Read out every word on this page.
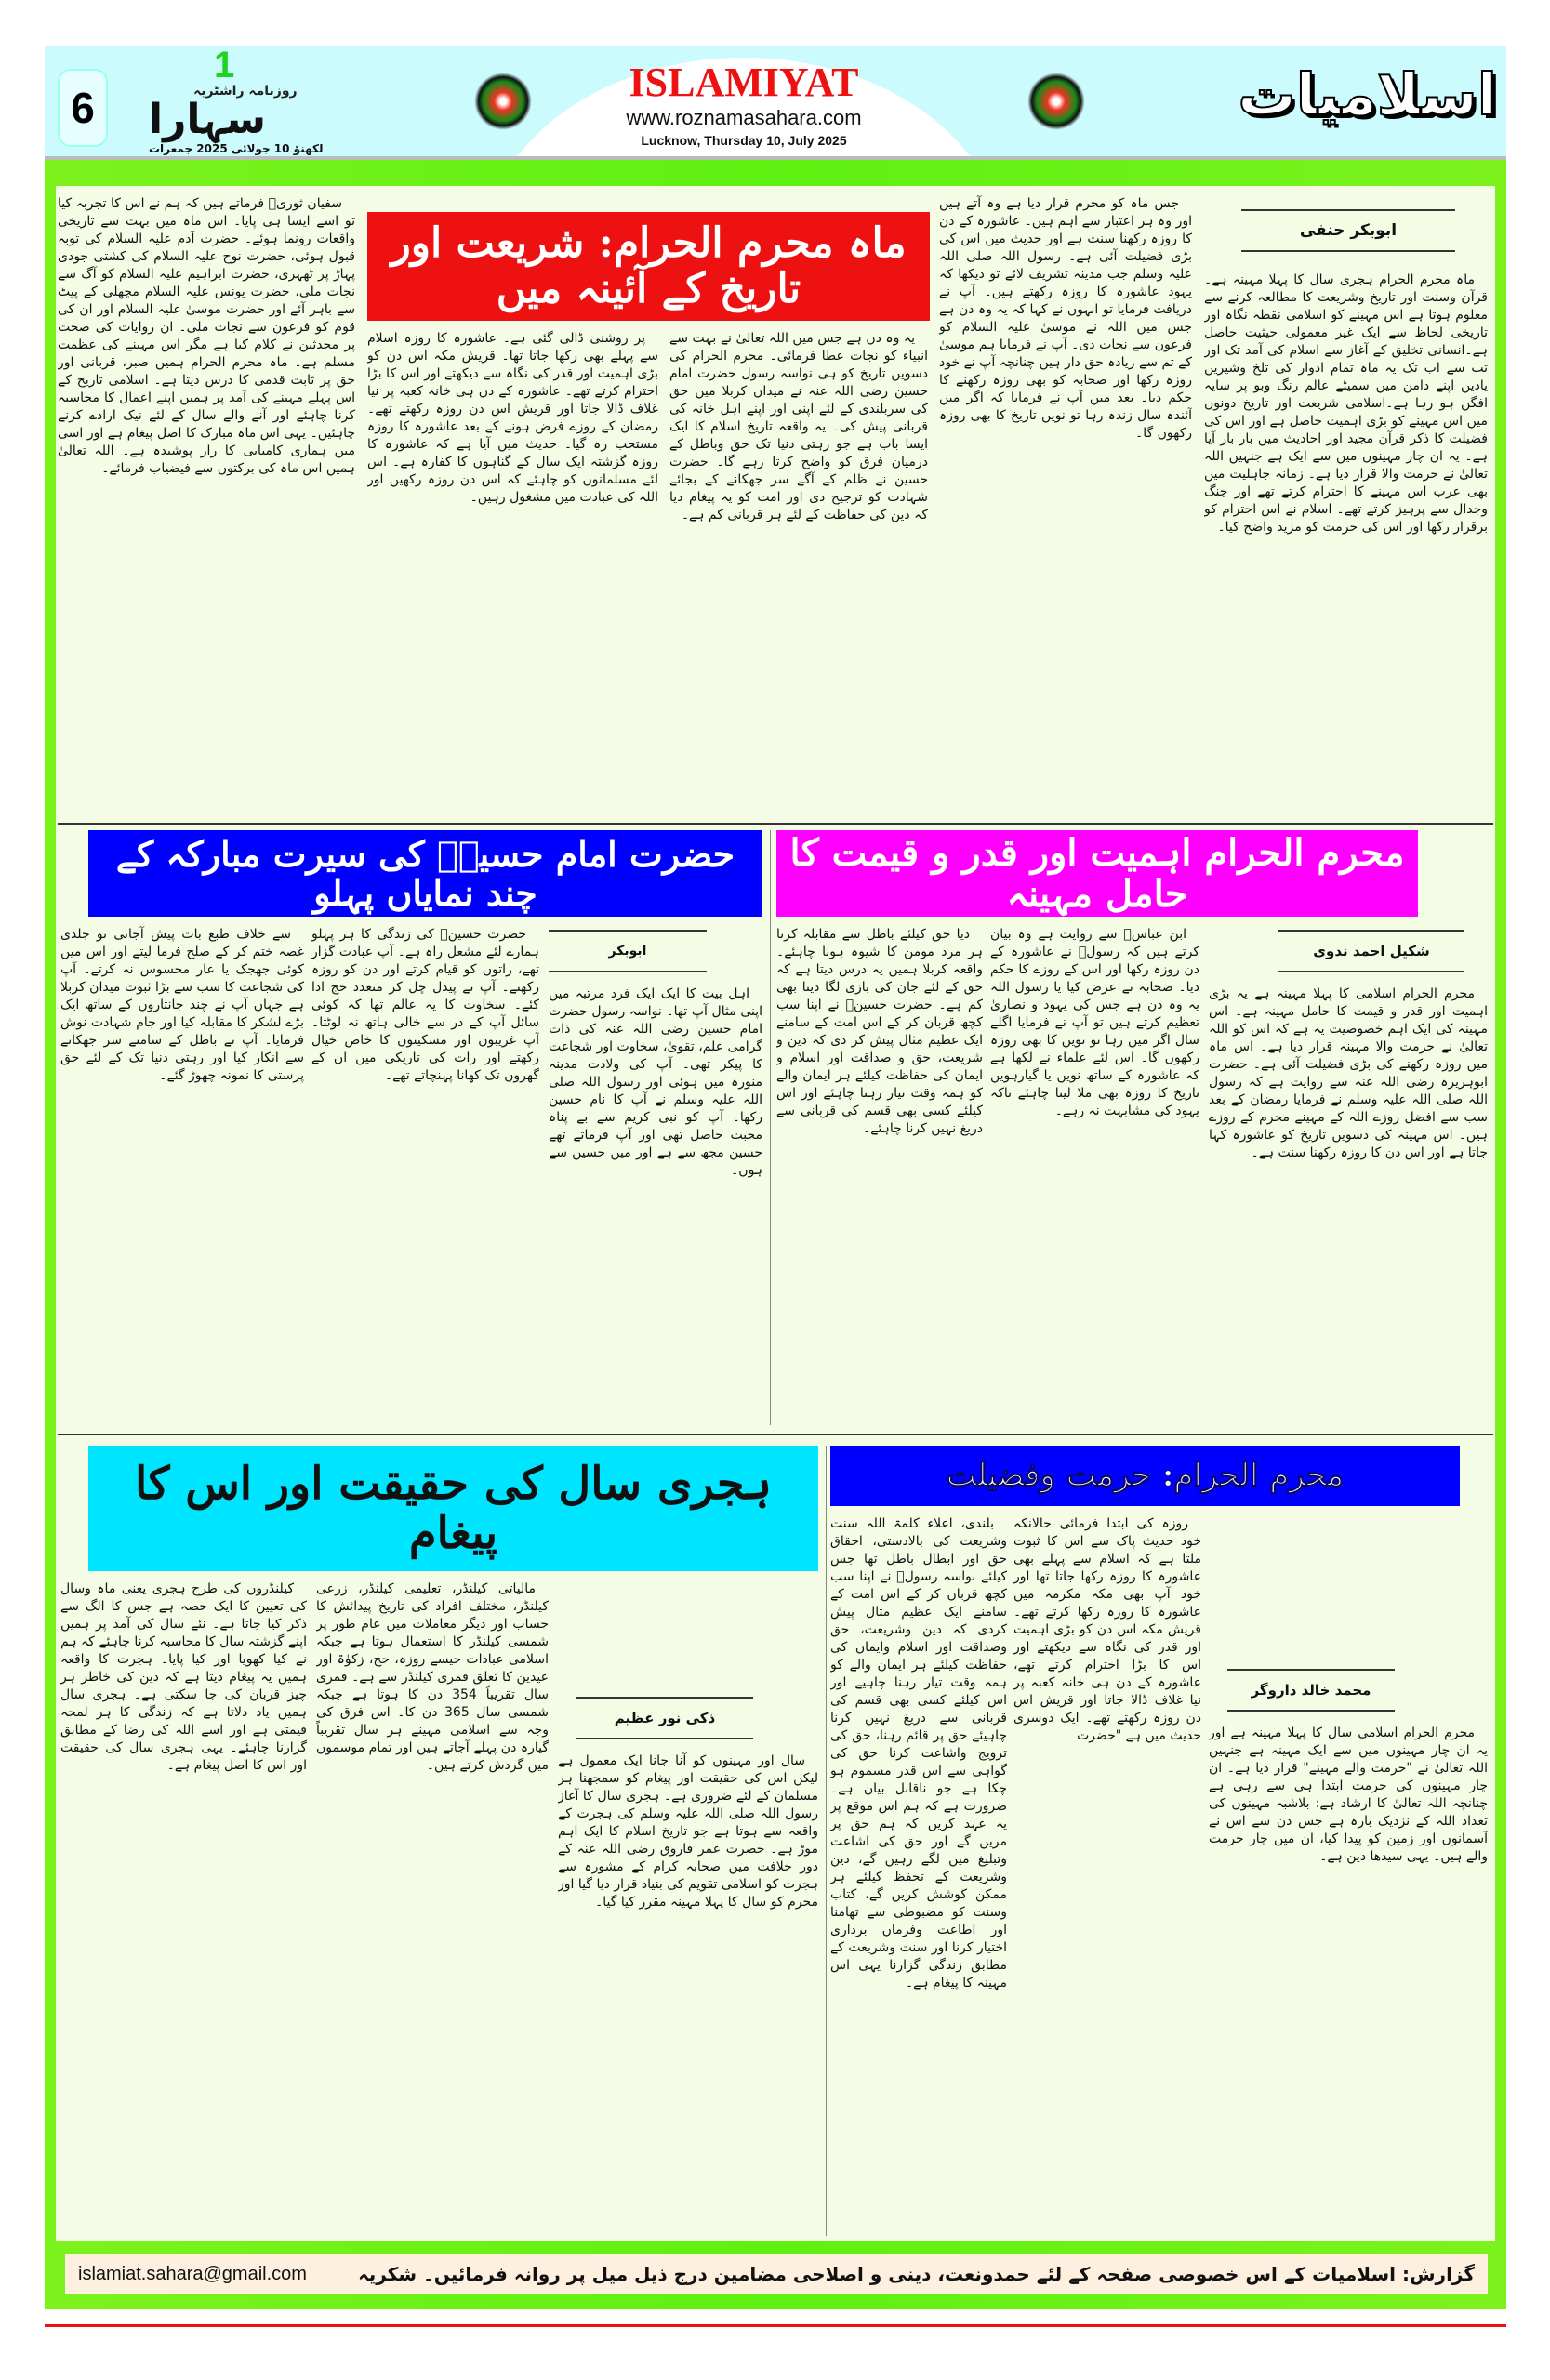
6
1
روزنامہ راشٹریہ
سہارا
لکھنؤ 10 جولائی 2025 جمعرات
ISLAMIYAT
www.roznamasahara.com
Lucknow, Thursday 10, July 2025
اسلامیات
ماہ محرم الحرام: شریعت اور تاریخ کے آئینہ میں
ابوبکر حنفی

ماہ محرم الحرام ہجری سال کا پہلا مہینہ ہے۔قرآن وسنت اور تاریخ وشریعت کا مطالعہ کرنے سے معلوم ہوتا ہے اس مہینے کو اسلامی نقطہ نگاہ اور تاریخی لحاظ سے ایک غیر معمولی حیثیت حاصل ہے۔انسانی تخلیق کے آغاز سے اسلام کی آمد تک اور تب سے اب تک یہ ماہ تمام ادوار کی تلخ وشیریں یادیں اپنے دامن میں سمیٹے عالم رنگ وبو پر سایہ افگن ہو رہا ہے۔اسلامی شریعت اور تاریخ دونوں میں اس مہینے کو بڑی اہمیت حاصل ہے اور اس کی فضیلت کا ذکر قرآن مجید اور احادیث میں بار بار آیا ہے۔ یہ ان چار مہینوں میں سے ایک ہے جنہیں اللہ تعالیٰ نے حرمت والا قرار دیا ہے۔ زمانہ جاہلیت میں بھی عرب اس مہینے کا احترام کرتے تھے اور جنگ وجدال سے پرہیز کرتے تھے۔ اسلام نے اس احترام کو برقرار رکھا اور اس کی حرمت کو مزید واضح کیا۔

جس ماہ کو محرم قرار دیا ہے وہ آتے ہیں اور وہ ہر اعتبار سے اہم ہیں۔ عاشورہ کے دن کا روزہ رکھنا سنت ہے اور حدیث میں اس کی بڑی فضیلت آئی ہے۔ رسول اللہ صلی اللہ علیہ وسلم جب مدینہ تشریف لائے تو دیکھا کہ یہود عاشورہ کا روزہ رکھتے ہیں۔ آپ نے دریافت فرمایا تو انہوں نے کہا کہ یہ وہ دن ہے جس میں اللہ نے موسیٰ علیہ السلام کو فرعون سے نجات دی۔ آپ نے فرمایا ہم موسیٰ کے تم سے زیادہ حق دار ہیں چنانچہ آپ نے خود روزہ رکھا اور صحابہ کو بھی روزہ رکھنے کا حکم دیا۔ بعد میں آپ نے فرمایا کہ اگر میں آئندہ سال زندہ رہا تو نویں تاریخ کا بھی روزہ رکھوں گا۔

یہ وہ دن ہے جس میں اللہ تعالیٰ نے بہت سے انبیاء کو نجات عطا فرمائی۔ محرم الحرام کی دسویں تاریخ کو ہی نواسہ رسول حضرت امام حسین رضی اللہ عنہ نے میدان کربلا میں حق کی سربلندی کے لئے اپنی اور اپنے اہل خانہ کی قربانی پیش کی۔ یہ واقعہ تاریخ اسلام کا ایک ایسا باب ہے جو رہتی دنیا تک حق وباطل کے درمیان فرق کو واضح کرتا رہے گا۔ حضرت حسین نے ظلم کے آگے سر جھکانے کے بجائے شہادت کو ترجیح دی اور امت کو یہ پیغام دیا کہ دین کی حفاظت کے لئے ہر قربانی کم ہے۔

پر روشنی ڈالی گئی ہے۔ عاشورہ کا روزہ اسلام سے پہلے بھی رکھا جاتا تھا۔ قریش مکہ اس دن کو بڑی اہمیت اور قدر کی نگاہ سے دیکھتے اور اس کا بڑا احترام کرتے تھے۔ عاشورہ کے دن ہی خانہ کعبہ پر نیا غلاف ڈالا جاتا اور قریش اس دن روزہ رکھتے تھے۔ رمضان کے روزے فرض ہونے کے بعد عاشورہ کا روزہ مستحب رہ گیا۔ حدیث میں آیا ہے کہ عاشورہ کا روزہ گزشتہ ایک سال کے گناہوں کا کفارہ ہے۔ اس لئے مسلمانوں کو چاہئے کہ اس دن روزہ رکھیں اور اللہ کی عبادت میں مشغول رہیں۔

سفیان ثوریؒ فرماتے ہیں کہ ہم نے اس کا تجربہ کیا تو اسے ایسا ہی پایا۔ اس ماہ میں بہت سے تاریخی واقعات رونما ہوئے۔ حضرت آدم علیہ السلام کی توبہ قبول ہوئی، حضرت نوح علیہ السلام کی کشتی جودی پہاڑ پر ٹھہری، حضرت ابراہیم علیہ السلام کو آگ سے نجات ملی، حضرت یونس علیہ السلام مچھلی کے پیٹ سے باہر آئے اور حضرت موسیٰ علیہ السلام اور ان کی قوم کو فرعون سے نجات ملی۔ ان روایات کی صحت پر محدثین نے کلام کیا ہے مگر اس مہینے کی عظمت مسلم ہے۔ ماہ محرم الحرام ہمیں صبر، قربانی اور حق پر ثابت قدمی کا درس دیتا ہے۔ اسلامی تاریخ کے اس پہلے مہینے کی آمد پر ہمیں اپنے اعمال کا محاسبہ کرنا چاہئے اور آنے والے سال کے لئے نیک ارادے کرنے چاہئیں۔ یہی اس ماہ مبارک کا اصل پیغام ہے اور اسی میں ہماری کامیابی کا راز پوشیدہ ہے۔ اللہ تعالیٰ ہمیں اس ماہ کی برکتوں سے فیضیاب فرمائے۔

محرم الحرام اہمیت اور قدر و قیمت کا حامل مہینہ
شکیل احمد ندوی

محرم الحرام اسلامی کا پہلا مہینہ ہے یہ بڑی اہمیت اور قدر و قیمت کا حامل مہینہ ہے۔ اس مہینہ کی ایک اہم خصوصیت یہ ہے کہ اس کو اللہ تعالیٰ نے حرمت والا مہینہ قرار دیا ہے۔ اس ماہ میں روزہ رکھنے کی بڑی فضیلت آئی ہے۔ حضرت ابوہریرہ رضی اللہ عنہ سے روایت ہے کہ رسول اللہ صلی اللہ علیہ وسلم نے فرمایا رمضان کے بعد سب سے افضل روزے اللہ کے مہینے محرم کے روزے ہیں۔ اس مہینہ کی دسویں تاریخ کو عاشورہ کہا جاتا ہے اور اس دن کا روزہ رکھنا سنت ہے۔

ابن عباسؓ سے روایت ہے وہ بیان کرتے ہیں کہ رسولؐ نے عاشورہ کے دن روزہ رکھا اور اس کے روزے کا حکم دیا۔ صحابہ نے عرض کیا یا رسول اللہ یہ وہ دن ہے جس کی یہود و نصاریٰ تعظیم کرتے ہیں تو آپ نے فرمایا اگلے سال اگر میں رہا تو نویں کا بھی روزہ رکھوں گا۔ اس لئے علماء نے لکھا ہے کہ عاشورہ کے ساتھ نویں یا گیارہویں تاریخ کا روزہ بھی ملا لینا چاہئے تاکہ یہود کی مشابہت نہ رہے۔

دیا حق کیلئے باطل سے مقابلہ کرنا ہر مرد مومن کا شیوہ ہونا چاہئے۔ واقعہ کربلا ہمیں یہ درس دیتا ہے کہ حق کے لئے جان کی بازی لگا دینا بھی کم ہے۔ حضرت حسینؓ نے اپنا سب کچھ قربان کر کے اس امت کے سامنے ایک عظیم مثال پیش کر دی کہ دین و شریعت، حق و صداقت اور اسلام و ایمان کی حفاظت کیلئے ہر ایمان والے کو ہمہ وقت تیار رہنا چاہئے اور اس کیلئے کسی بھی قسم کی قربانی سے دریغ نہیں کرنا چاہئے۔

حضرت امام حسینؓ کی سیرت مبارکہ کے چند نمایاں پہلو
ابوبکر

اہل بیت کا ایک ایک فرد مرتبہ میں اپنی مثال آپ تھا۔ نواسہ رسول حضرت امام حسین رضی اللہ عنہ کی ذات گرامی علم، تقویٰ، سخاوت اور شجاعت کا پیکر تھی۔ آپ کی ولادت مدینہ منورہ میں ہوئی اور رسول اللہ صلی اللہ علیہ وسلم نے آپ کا نام حسین رکھا۔ آپ کو نبی کریم سے بے پناہ محبت حاصل تھی اور آپ فرماتے تھے حسین مجھ سے ہے اور میں حسین سے ہوں۔

حضرت حسینؓ کی زندگی کا ہر پہلو ہمارے لئے مشعل راہ ہے۔ آپ عبادت گزار تھے، راتوں کو قیام کرتے اور دن کو روزہ رکھتے۔ آپ نے پیدل چل کر متعدد حج ادا کئے۔ سخاوت کا یہ عالم تھا کہ کوئی سائل آپ کے در سے خالی ہاتھ نہ لوٹتا۔ آپ غریبوں اور مسکینوں کا خاص خیال رکھتے اور رات کی تاریکی میں ان کے گھروں تک کھانا پہنچاتے تھے۔

سے خلاف طبع بات پیش آجاتی تو جلدی غصہ ختم کر کے صلح فرما لیتے اور اس میں کوئی جھجک یا عار محسوس نہ کرتے۔ آپ کی شجاعت کا سب سے بڑا ثبوت میدان کربلا ہے جہاں آپ نے چند جانثاروں کے ساتھ ایک بڑے لشکر کا مقابلہ کیا اور جام شہادت نوش فرمایا۔ آپ نے باطل کے سامنے سر جھکانے سے انکار کیا اور رہتی دنیا تک کے لئے حق پرستی کا نمونہ چھوڑ گئے۔

محرم الحرام: حرمت وفضیلت
محمد خالد داروگر

محرم الحرام اسلامی سال کا پہلا مہینہ ہے اور یہ ان چار مہینوں میں سے ایک مہینہ ہے جنہیں اللہ تعالیٰ نے "حرمت والے مہینے" قرار دیا ہے۔ ان چار مہینوں کی حرمت ابتدا ہی سے رہی ہے چنانچہ اللہ تعالیٰ کا ارشاد ہے: بلاشبہ مہینوں کی تعداد اللہ کے نزدیک بارہ ہے جس دن سے اس نے آسمانوں اور زمین کو پیدا کیا، ان میں چار حرمت والے ہیں۔ یہی سیدھا دین ہے۔

روزہ کی ابتدا فرمائی حالانکہ خود حدیث پاک سے اس کا ثبوت ملتا ہے کہ اسلام سے پہلے بھی عاشورہ کا روزہ رکھا جاتا تھا اور خود آپ بھی مکہ مکرمہ میں عاشورہ کا روزہ رکھا کرتے تھے۔ قریش مکہ اس دن کو بڑی اہمیت اور قدر کی نگاہ سے دیکھتے اور اس کا بڑا احترام کرتے تھے، عاشورہ کے دن ہی خانہ کعبہ پر نیا غلاف ڈالا جاتا اور قریش اس دن روزہ رکھتے تھے۔ ایک دوسری حدیث میں ہے "حضرت

بلندی، اعلاء کلمۃ اللہ سنت وشریعت کی بالادستی، احقاق حق اور ابطال باطل تھا جس کیلئے نواسہ رسولؐ نے اپنا سب کچھ قربان کر کے اس امت کے سامنے ایک عظیم مثال پیش کردی کہ دین وشریعت، حق وصداقت اور اسلام وایمان کی حفاظت کیلئے ہر ایمان والے کو ہمہ وقت تیار رہنا چاہیے اور اس کیلئے کسی بھی قسم کی قربانی سے دریغ نہیں کرنا چاہیئے حق پر قائم رہنا، حق کی ترویج واشاعت کرنا حق کی گواہی سے اس قدر مسموم ہو چکا ہے جو ناقابل بیان ہے۔ ضرورت ہے کہ ہم اس موقع پر یہ عہد کریں کہ ہم حق پر مریں گے اور حق کی اشاعت وتبلیغ میں لگے رہیں گے، دین وشریعت کے تحفظ کیلئے ہر ممکن کوشش کریں گے، کتاب وسنت کو مضبوطی سے تھامنا اور اطاعت وفرماں برداری اختیار کرنا اور سنت وشریعت کے مطابق زندگی گزارنا یہی اس مہینہ کا پیغام ہے۔

ہجری سال کی حقیقت اور اس کا پیغام
ذکی نور عظیم

سال اور مہینوں کو آنا جانا ایک معمول ہے لیکن اس کی حقیقت اور پیغام کو سمجھنا ہر مسلمان کے لئے ضروری ہے۔ ہجری سال کا آغاز رسول اللہ صلی اللہ علیہ وسلم کی ہجرت کے واقعہ سے ہوتا ہے جو تاریخ اسلام کا ایک اہم موڑ ہے۔ حضرت عمر فاروق رضی اللہ عنہ کے دور خلافت میں صحابہ کرام کے مشورہ سے ہجرت کو اسلامی تقویم کی بنیاد قرار دیا گیا اور محرم کو سال کا پہلا مہینہ مقرر کیا گیا۔

مالیاتی کیلنڈر، تعلیمی کیلنڈر، زرعی کیلنڈر، مختلف افراد کی تاریخ پیدائش کا حساب اور دیگر معاملات میں عام طور پر شمسی کیلنڈر کا استعمال ہوتا ہے جبکہ اسلامی عبادات جیسے روزہ، حج، زکوٰۃ اور عیدین کا تعلق قمری کیلنڈر سے ہے۔ قمری سال تقریباً 354 دن کا ہوتا ہے جبکہ شمسی سال 365 دن کا۔ اس فرق کی وجہ سے اسلامی مہینے ہر سال تقریباً گیارہ دن پہلے آجاتے ہیں اور تمام موسموں میں گردش کرتے ہیں۔

کیلنڈروں کی طرح ہجری یعنی ماہ وسال کی تعیین کا ایک حصہ ہے جس کا الگ سے ذکر کیا جاتا ہے۔ نئے سال کی آمد پر ہمیں اپنے گزشتہ سال کا محاسبہ کرنا چاہئے کہ ہم نے کیا کھویا اور کیا پایا۔ ہجرت کا واقعہ ہمیں یہ پیغام دیتا ہے کہ دین کی خاطر ہر چیز قربان کی جا سکتی ہے۔ ہجری سال ہمیں یاد دلاتا ہے کہ زندگی کا ہر لمحہ قیمتی ہے اور اسے اللہ کی رضا کے مطابق گزارنا چاہئے۔ یہی ہجری سال کی حقیقت اور اس کا اصل پیغام ہے۔

islamiat.sahara@gmail.com	گزارش: اسلامیات کے اس خصوصی صفحہ کے لئے حمدونعت، دینی و اصلاحی مضامین درج ذیل میل پر روانہ فرمائیں۔ شکریہ
